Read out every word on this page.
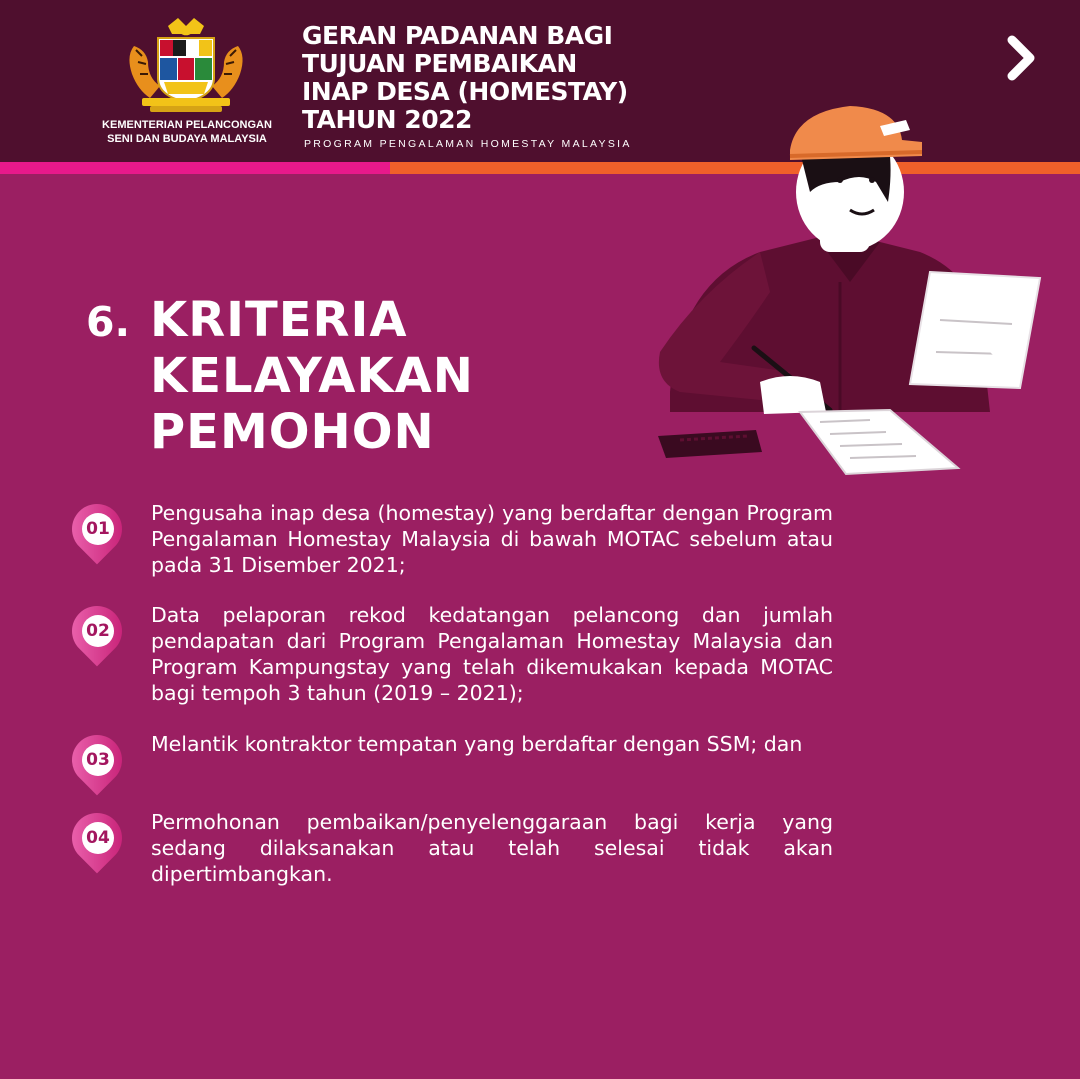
KEMENTERIAN PELANCONGAN
SENI DAN BUDAYA MALAYSIA
GERAN PADANAN BAGI
TUJUAN PEMBAIKAN
INAP DESA (HOMESTAY)
TAHUN 2022
PROGRAM PENGALAMAN HOMESTAY MALAYSIA
6. KRITERIA
KELAYAKAN
PEMOHON
01
Pengusaha inap desa (homestay) yang berdaftar dengan Program Pengalaman Homestay Malaysia di bawah MOTAC sebelum atau pada 31 Disember 2021;
02
Data pelaporan rekod kedatangan pelancong dan jumlah pendapatan dari Program Pengalaman Homestay Malaysia dan Program Kampungstay yang telah dikemukakan kepada MOTAC bagi tempoh 3 tahun (2019 – 2021);
03
Melantik kontraktor tempatan yang berdaftar dengan SSM; dan
04
Permohonan pembaikan/penyelenggaraan bagi kerja yang sedang dilaksanakan atau telah selesai tidak akan dipertimbangkan.
